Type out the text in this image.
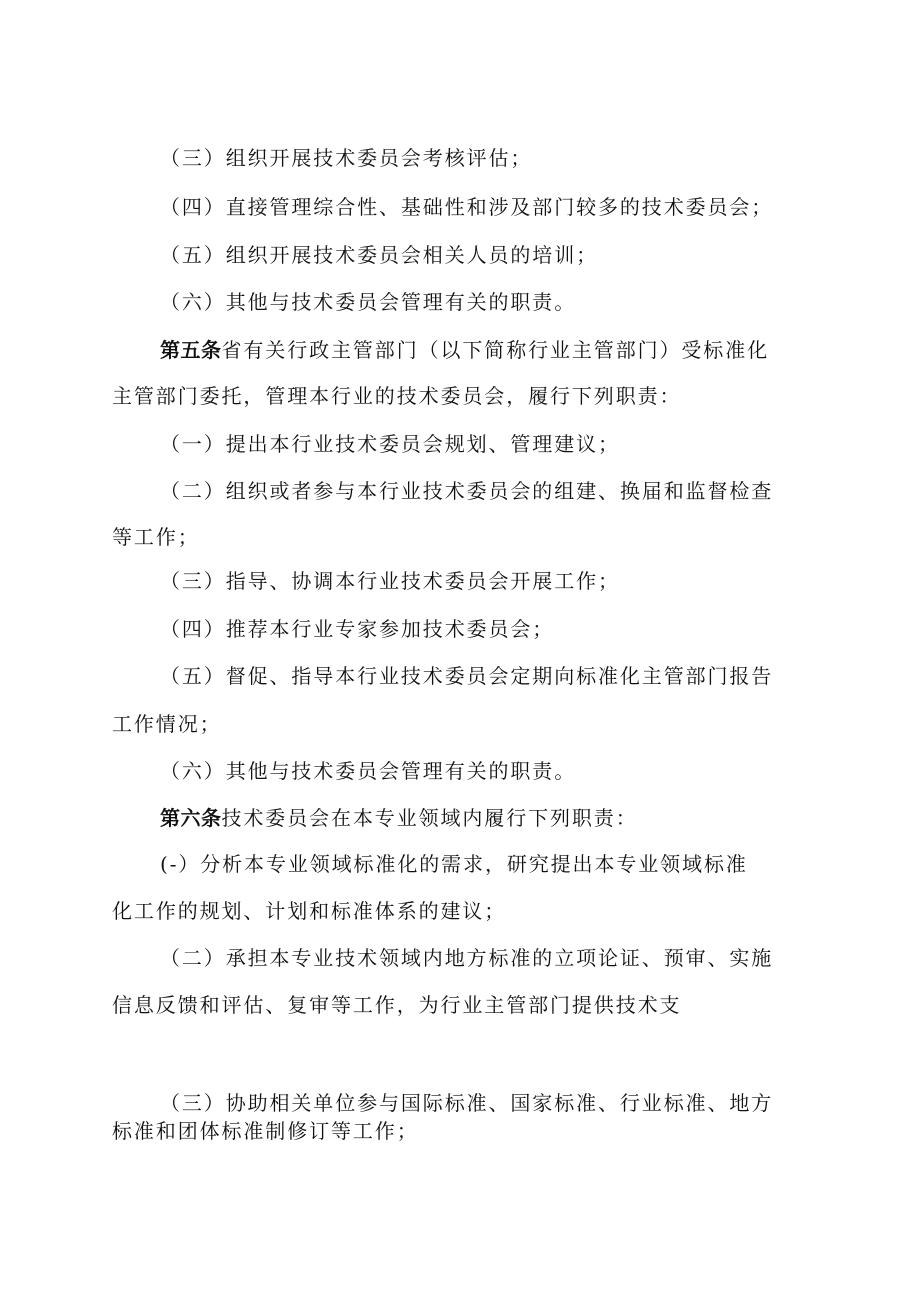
（三）组织开展技术委员会考核评估；
（四）直接管理综合性、基础性和涉及部门较多的技术委员会；
（五）组织开展技术委员会相关人员的培训；
（六）其他与技术委员会管理有关的职责。
第五条省有关行政主管部门（以下简称行业主管部门）受标准化
主管部门委托，管理本行业的技术委员会，履行下列职责：
（一）提出本行业技术委员会规划、管理建议；
（二）组织或者参与本行业技术委员会的组建、换届和监督检查
等工作；
（三）指导、协调本行业技术委员会开展工作；
（四）推荐本行业专家参加技术委员会；
（五）督促、指导本行业技术委员会定期向标准化主管部门报告
工作情况；
（六）其他与技术委员会管理有关的职责。
第六条技术委员会在本专业领域内履行下列职责：
(-）分析本专业领域标准化的需求，研究提出本专业领域标准
化工作的规划、计划和标准体系的建议；
（二）承担本专业技术领域内地方标准的立项论证、预审、实施
信息反馈和评估、复审等工作，为行业主管部门提供技术支
（三）协助相关单位参与国际标准、国家标准、行业标准、地方
标准和团体标准制修订等工作；
